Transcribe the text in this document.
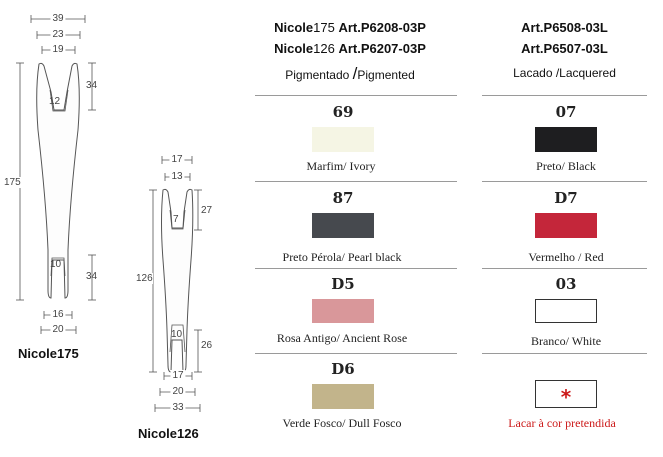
39
23
19
12
34
175
10
34
16
20
Nicole175
17
13
7
27
126
10
26
17
20
33
Nicole126
Nicole175 Art.P6208-03P
Nicole126 Art.P6207-03P
Pigmentado /Pigmented
69
Marfim/ Ivory
87
Preto Pérola/ Pearl black
D5
Rosa Antigo/ Ancient Rose
D6
Verde Fosco/ Dull Fosco
Art.P6508-03L
Art.P6507-03L
Lacado /Lacquered
07
Preto/ Black
D7
Vermelho / Red
03
Branco/ White
*
Lacar à cor pretendida
